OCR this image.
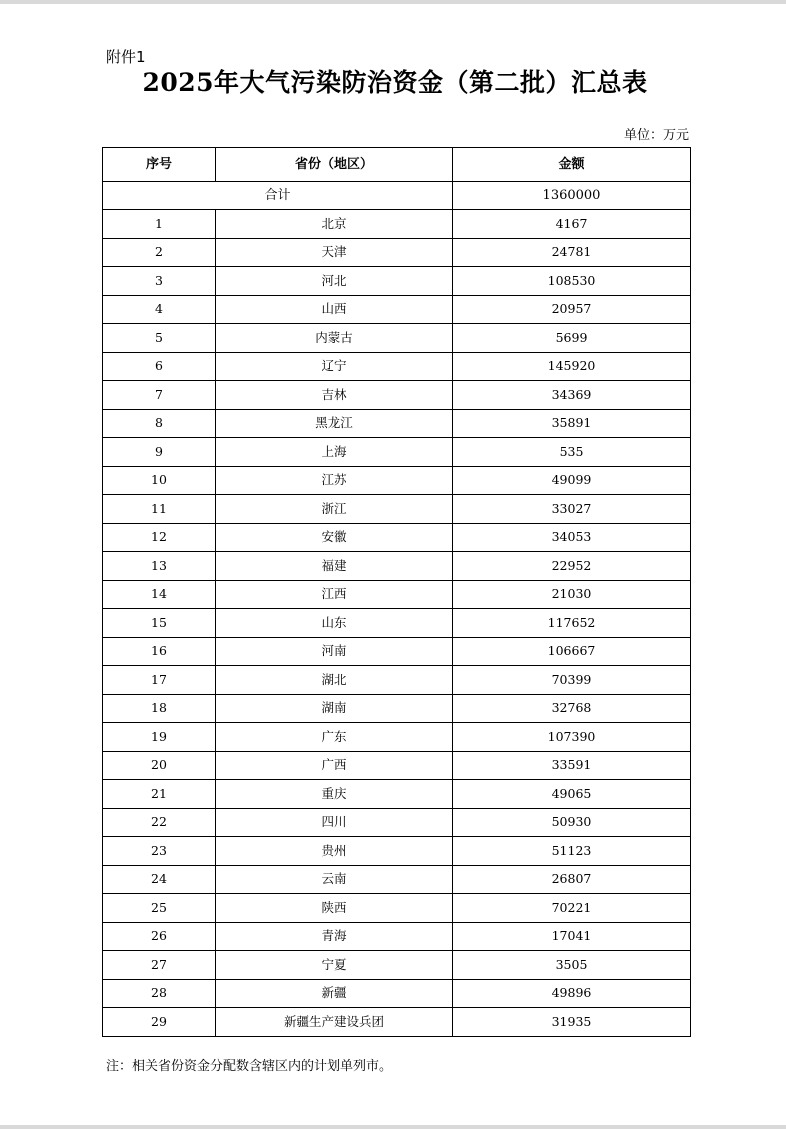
附件1
2025年大气污染防治资金（第二批）汇总表
单位：万元
序号	省份（地区）	金额
合计		1360000
1	北京	4167
2	天津	24781
3	河北	108530
4	山西	20957
5	内蒙古	5699
6	辽宁	145920
7	吉林	34369
8	黑龙江	35891
9	上海	535
10	江苏	49099
11	浙江	33027
12	安徽	34053
13	福建	22952
14	江西	21030
15	山东	117652
16	河南	106667
17	湖北	70399
18	湖南	32768
19	广东	107390
20	广西	33591
21	重庆	49065
22	四川	50930
23	贵州	51123
24	云南	26807
25	陕西	70221
26	青海	17041
27	宁夏	3505
28	新疆	49896
29	新疆生产建设兵团	31935
注：相关省份资金分配数含辖区内的计划单列市。
